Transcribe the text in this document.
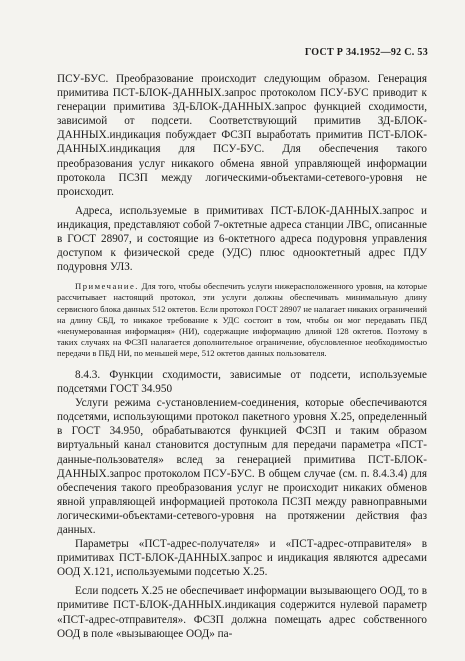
ГОСТ Р 34.1952—92 С. 53

ПСУ-БУС. Преобразование происходит следующим образом. Генерация примитива ПСТ-БЛОК-ДАННЫХ.запрос протоколом ПСУ-БУС приводит к генерации примитива ЗД-БЛОК-ДАННЫХ.запрос функцией сходимости, зависимой от подсети. Соответствующий примитив ЗД-БЛОК-ДАННЫХ.индикация побуждает ФСЗП выработать примитив ПСТ-БЛОК-ДАННЫХ.индикация для ПСУ-БУС. Для обеспечения такого преобразования услуг никакого обмена явной управляющей информации протокола ПСЗП между логическими-объектами-сетевого-уровня не происходит.

Адреса, используемые в примитивах ПСТ-БЛОК-ДАННЫХ.запрос и индикация, представляют собой 7-октетные адреса станции ЛВС, описанные в ГОСТ 28907, и состоящие из 6-октетного адреса подуровня управления доступом к физической среде (УДС) плюс однооктетный адрес ПДУ подуровня УЛЗ.

Примечание. Для того, чтобы обеспечить услуги нижерасположенного уровня, на которые рассчитывает настоящий протокол, эти услуги должны обеспечивать минимальную длину сервисного блока данных 512 октетов. Если протокол ГОСТ 28907 не налагает никаких ограничений на длину СБД, то никакое требование к УДС состоит в том, чтобы он мог передавать ПБД «ненумерованная информация» (НИ), содержащие информацию длиной 128 октетов. Поэтому в таких случаях на ФСЗП налагается дополнительное ограничение, обусловленное необходимостью передачи в ПБД НИ, по меньшей мере, 512 октетов данных пользователя.

8.4.3. Функции сходимости, зависимые от подсети, используемые подсетями ГОСТ 34.950

Услуги режима с-установлением-соединения, которые обеспечиваются подсетями, использующими протокол пакетного уровня Х.25, определенный в ГОСТ 34.950, обрабатываются функцией ФСЗП и таким образом виртуальный канал становится доступным для передачи параметра «ПСТ-данные-пользователя» вслед за генерацией примитива ПСТ-БЛОК-ДАННЫХ.запрос протоколом ПСУ-БУС. В общем случае (см. п. 8.4.3.4) для обеспечения такого преобразования услуг не происходит никаких обменов явной управляющей информацией протокола ПСЗП между равноправными логическими-объектами-сетевого-уровня на протяжении действия фаз данных.

Параметры «ПСТ-адрес-получателя» и «ПСТ-адрес-отправителя» в примитивах ПСТ-БЛОК-ДАННЫХ.запрос и индикация являются адресами ООД Х.121, используемыми подсетью Х.25.

Если подсеть Х.25 не обеспечивает информации вызывающего ООД, то в примитиве ПСТ-БЛОК-ДАННЫХ.индикация содержится нулевой параметр «ПСТ-адрес-отправителя». ФСЗП должна помещать адрес собственного ООД в поле «вызывающее ООД» па-
